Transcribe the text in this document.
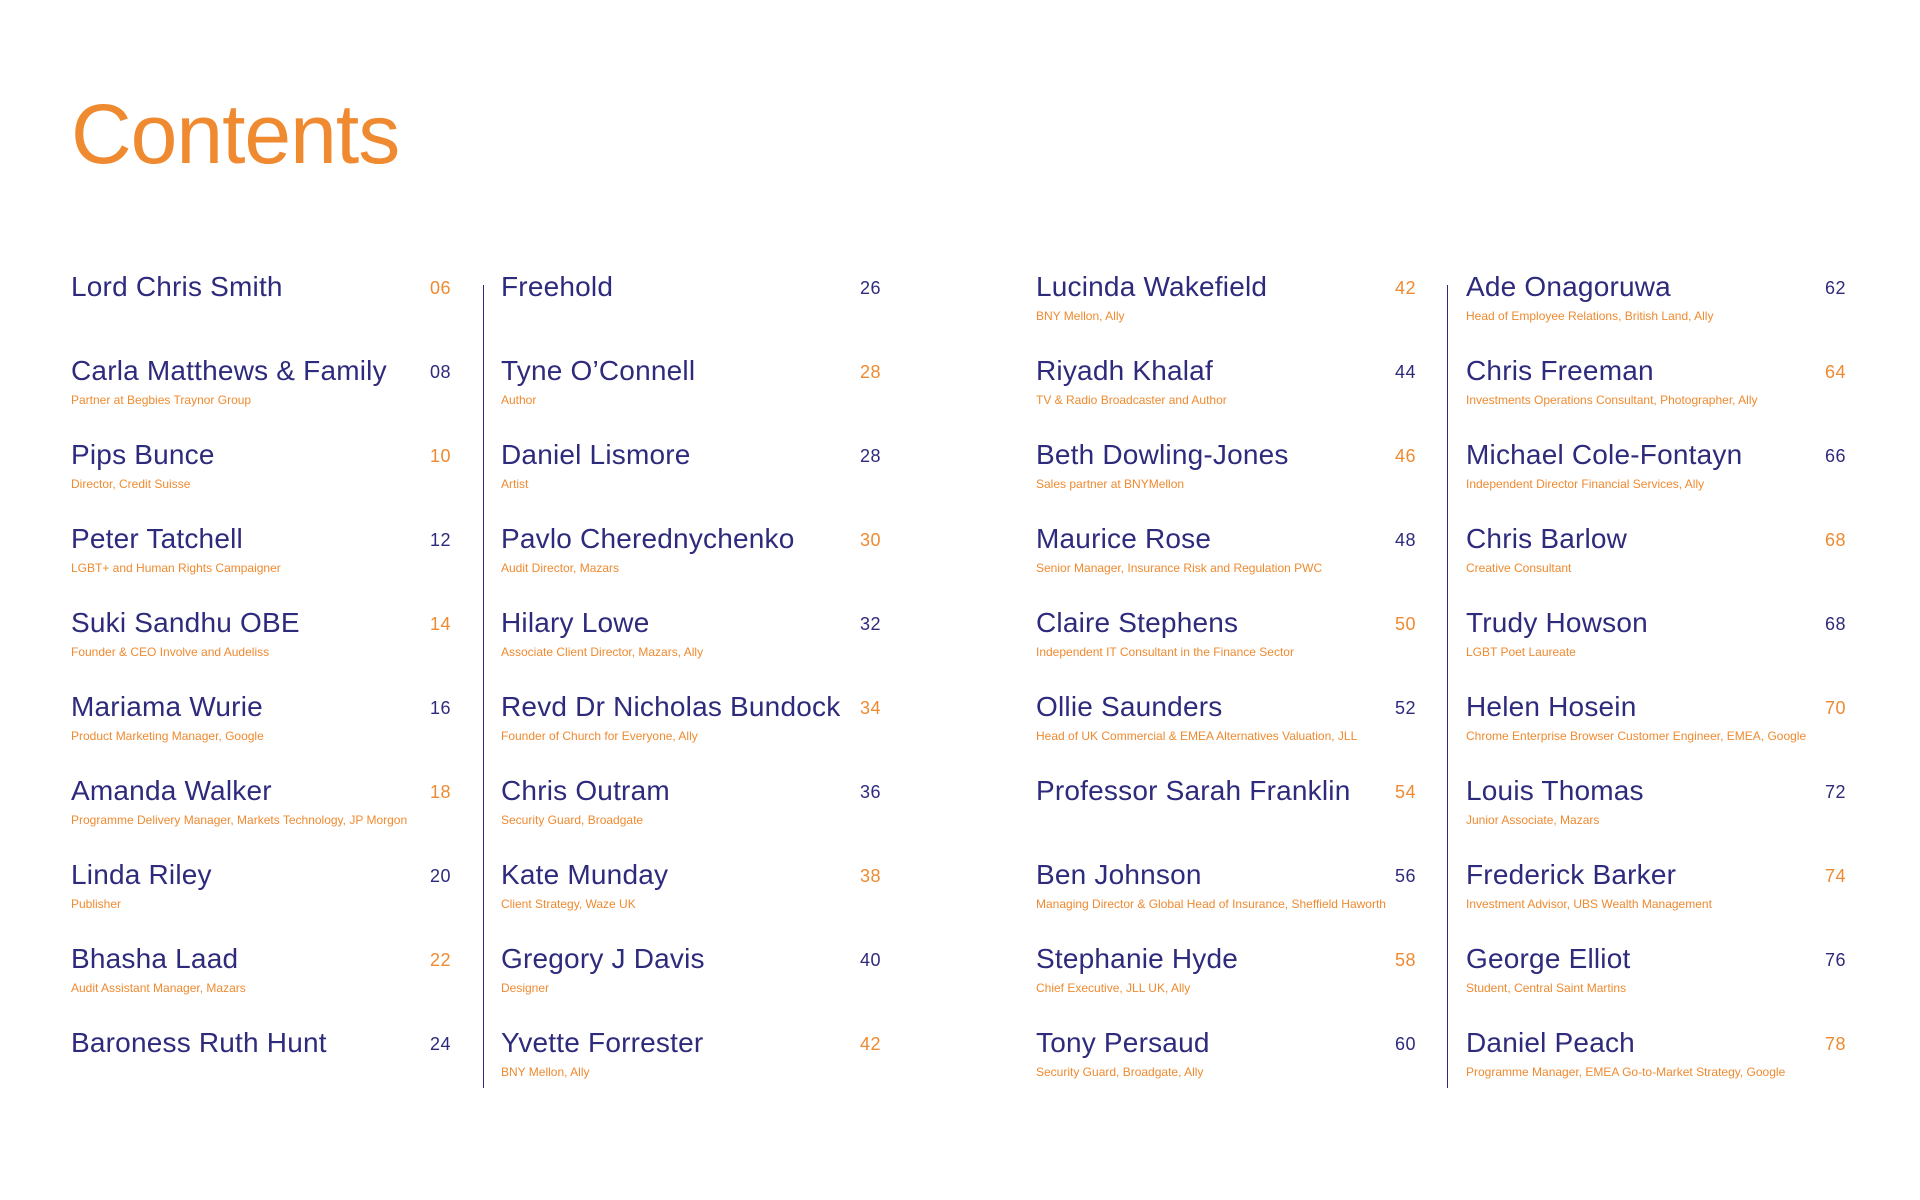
Contents
Lord Chris Smith	06
Carla Matthews & Family 08
Partner at Begbies Traynor Group
Pips Bunce	10
Director, Credit Suisse
Peter Tatchell	12
LGBT+ and Human Rights Campaigner
Suki Sandhu OBE	14
Founder & CEO Involve and Audeliss
Mariama Wurie	16
Product Marketing Manager, Google
Amanda Walker	18
Programme Delivery Manager, Markets Technology, JP Morgon
Linda Riley	20
Publisher
Bhasha Laad	22
Audit Assistant Manager, Mazars
Baroness Ruth Hunt	24
Freehold	26
Tyne O’Connell	28
Author
Daniel Lismore	28
Artist
Pavlo Cherednychenko	30
Audit Director, Mazars
Hilary Lowe	32
Associate Client Director, Mazars, Ally
Revd Dr Nicholas Bundock 34
Founder of Church for Everyone, Ally
Chris Outram	36
Security Guard, Broadgate
Kate Munday	38
Client Strategy, Waze UK
Gregory J Davis	40
Designer
Yvette Forrester	42
BNY Mellon, Ally
Lucinda Wakefield	42
BNY Mellon, Ally
Riyadh Khalaf	44
TV & Radio Broadcaster and Author
Beth Dowling-Jones	46
Sales partner at BNYMellon
Maurice Rose	48
Senior Manager, Insurance Risk and Regulation PWC
Claire Stephens	50
Independent IT Consultant in the Finance Sector
Ollie Saunders	52
Head of UK Commercial & EMEA Alternatives Valuation, JLL
Professor Sarah Franklin 54
Ben Johnson	56
Managing Director & Global Head of Insurance, Sheffield Haworth
Stephanie Hyde	58
Chief Executive, JLL UK, Ally
Tony Persaud	60
Security Guard, Broadgate, Ally
Ade Onagoruwa	62
Head of Employee Relations, British Land, Ally
Chris Freeman	64
Investments Operations Consultant, Photographer, Ally
Michael Cole-Fontayn	66
Independent Director Financial Services, Ally
Chris Barlow	68
Creative Consultant
Trudy Howson	68
LGBT Poet Laureate
Helen Hosein	70
Chrome Enterprise Browser Customer Engineer, EMEA, Google
Louis Thomas	72
Junior Associate, Mazars
Frederick Barker	74
Investment Advisor, UBS Wealth Management
George Elliot	76
Student, Central Saint Martins
Daniel Peach	78
Programme Manager, EMEA Go-to-Market Strategy, Google
